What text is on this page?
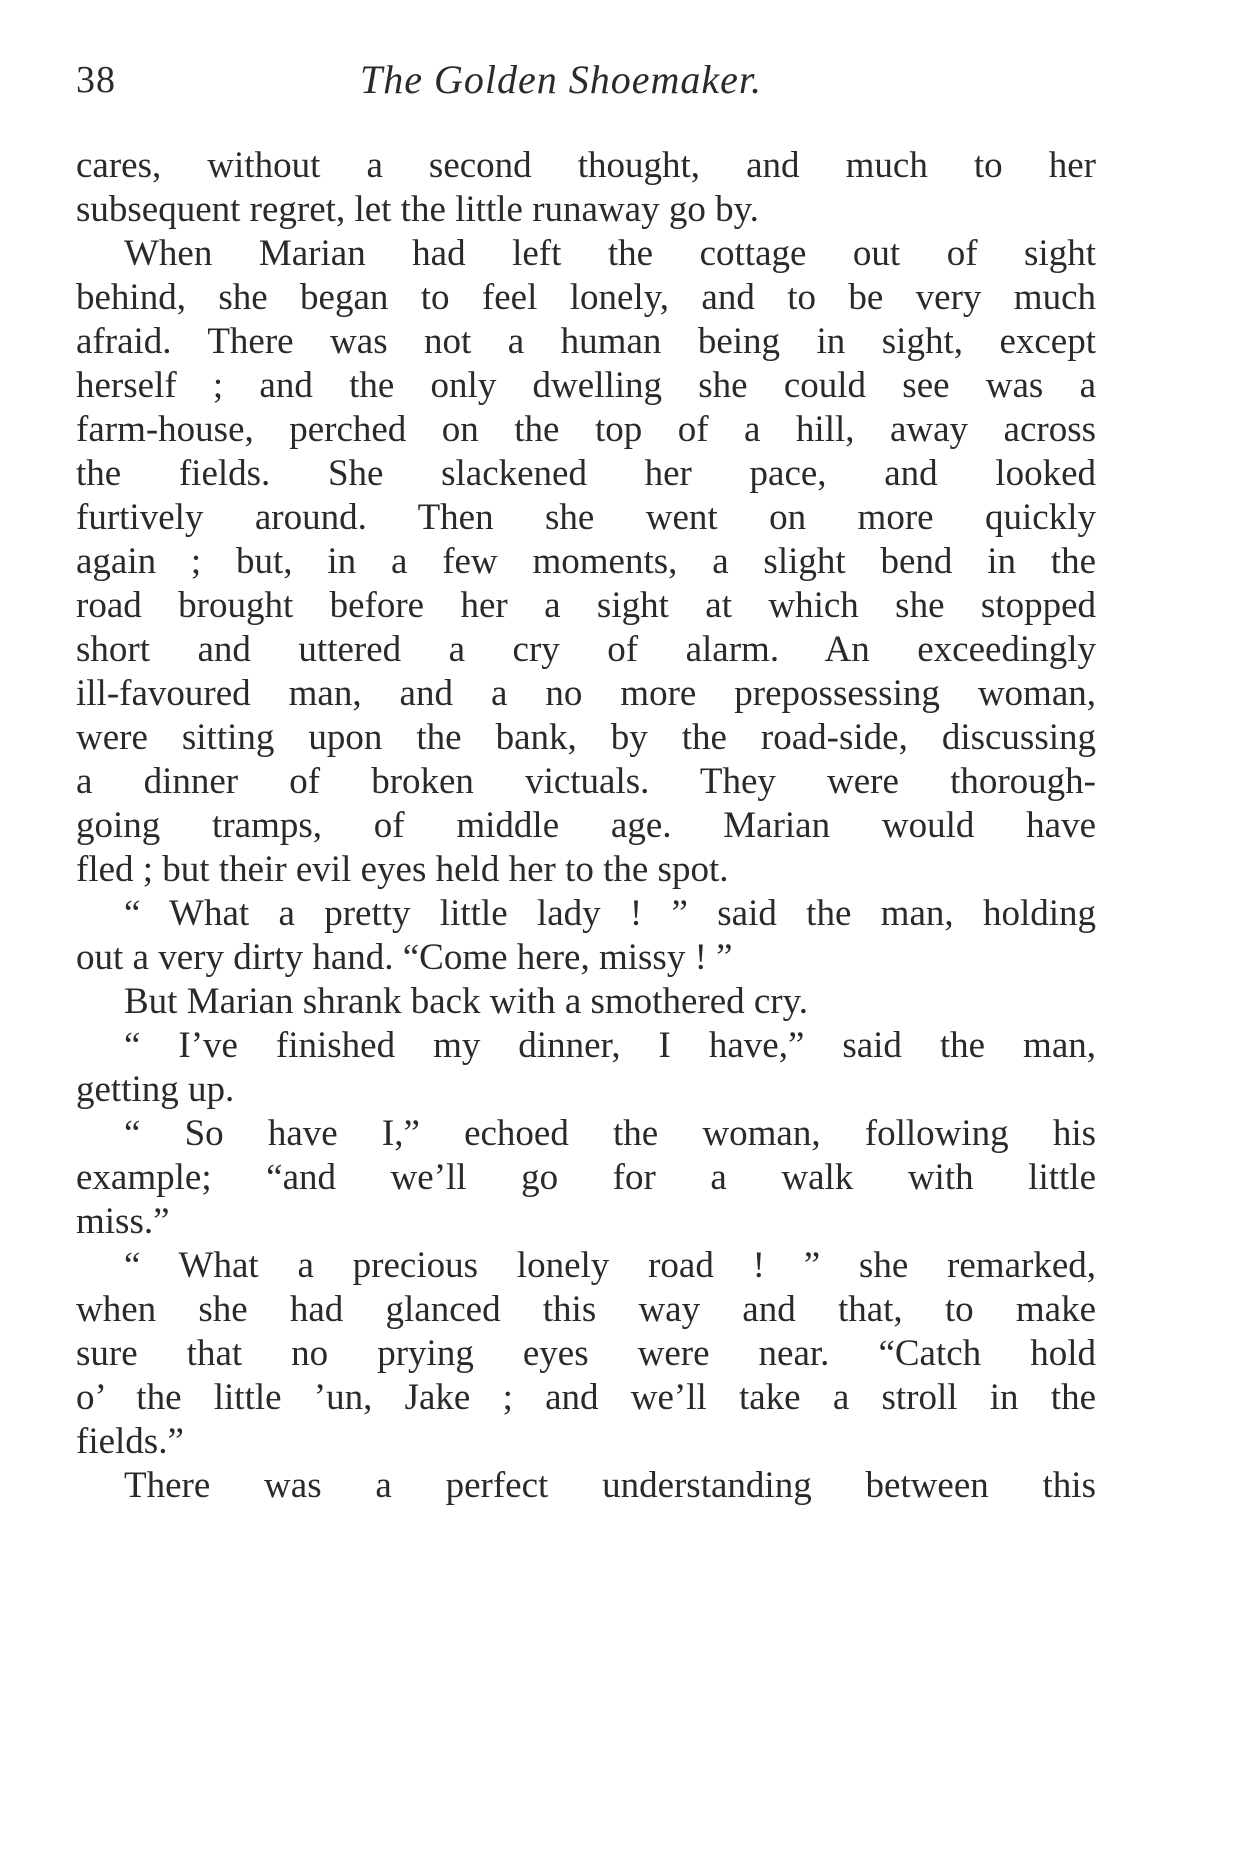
38	The Golden Shoemaker.
cares, without a second thought, and much to her
subsequent regret, let the little runaway go by.
When Marian had left the cottage out of sight
behind, she began to feel lonely, and to be very much
afraid. There was not a human being in sight, except
herself ; and the only dwelling she could see was a
farm-house, perched on the top of a hill, away across
the fields. She slackened her pace, and looked
furtively around. Then she went on more quickly
again ; but, in a few moments, a slight bend in the
road brought before her a sight at which she stopped
short and uttered a cry of alarm. An exceedingly
ill-favoured man, and a no more prepossessing woman,
were sitting upon the bank, by the road-side, discussing
a dinner of broken victuals. They were thorough-
going tramps, of middle age. Marian would have
fled ; but their evil eyes held her to the spot.
“ What a pretty little lady ! ” said the man, holding
out a very dirty hand. “Come here, missy ! ”
But Marian shrank back with a smothered cry.
“ I’ve finished my dinner, I have,” said the man,
getting up.
“ So have I,” echoed the woman, following his
example; “and we’ll go for a walk with little
miss.”
“ What a precious lonely road ! ” she remarked,
when she had glanced this way and that, to make
sure that no prying eyes were near. “Catch hold
o’ the little ’un, Jake ; and we’ll take a stroll in the
fields.”
There was a perfect understanding between this
